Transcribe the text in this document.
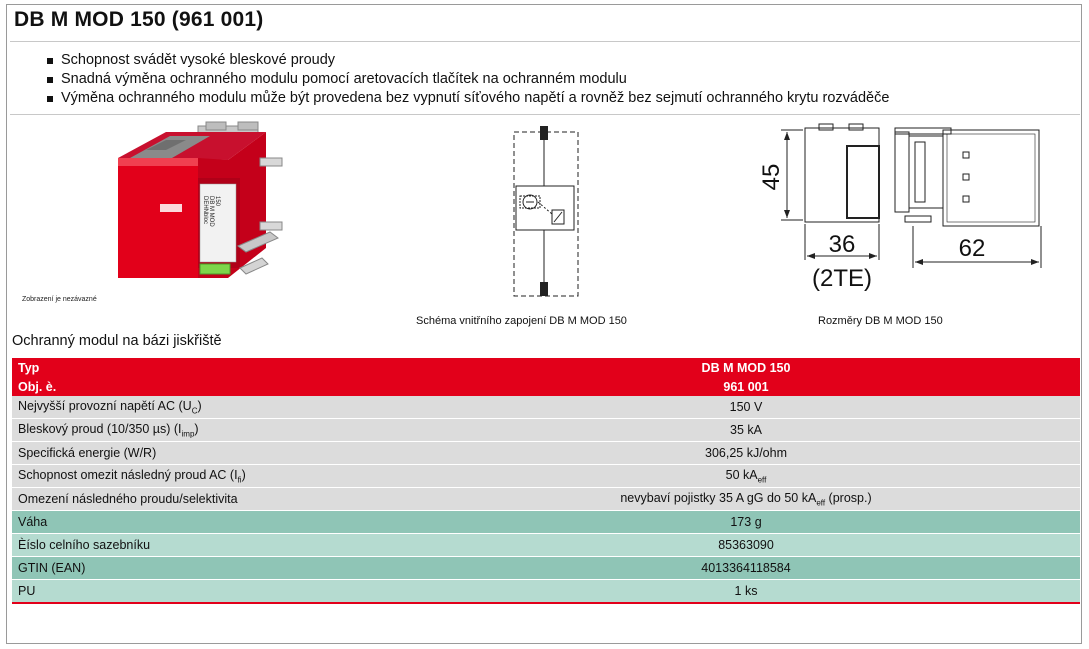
DB M MOD 150 (961 001)
Schopnost svádět vysoké bleskové proudy
Snadná výměna ochranného modulu pomocí aretovacích tlačítek na ochranném modulu
Výměna ochranného modulu může být provedena bez vypnutí síťového napětí a rovněž bez sejmutí ochranného krytu rozváděče
DEHNbloc DB M MOD 150
Zobrazení je nezávazné
Schéma vnitřního zapojení DB M MOD 150
45
36
(2TE)
62
Rozměry DB M MOD 150
Ochranný modul na bázi jiskřiště
Typ	DB M MOD 150
Obj. è.	961 001
Nejvyšší provozní napětí AC $(U_C)$	150 V
Bleskový proud (10/350 µs) $(I_{imp})$	35 kA
Specifická energie (W/R)	306,25 kJ/ohm
Schopnost omezit následný proud AC $(I_{fi})$	50 $kA_{eff}$
Omezení následného proudu/selektivita	nevybaví pojistky 35 A gG do 50 $kA_{eff}$ (prosp.)
Váha	173 g
Èíslo celního sazebníku	85363090
GTIN (EAN)	4013364118584
PU	1 ks
